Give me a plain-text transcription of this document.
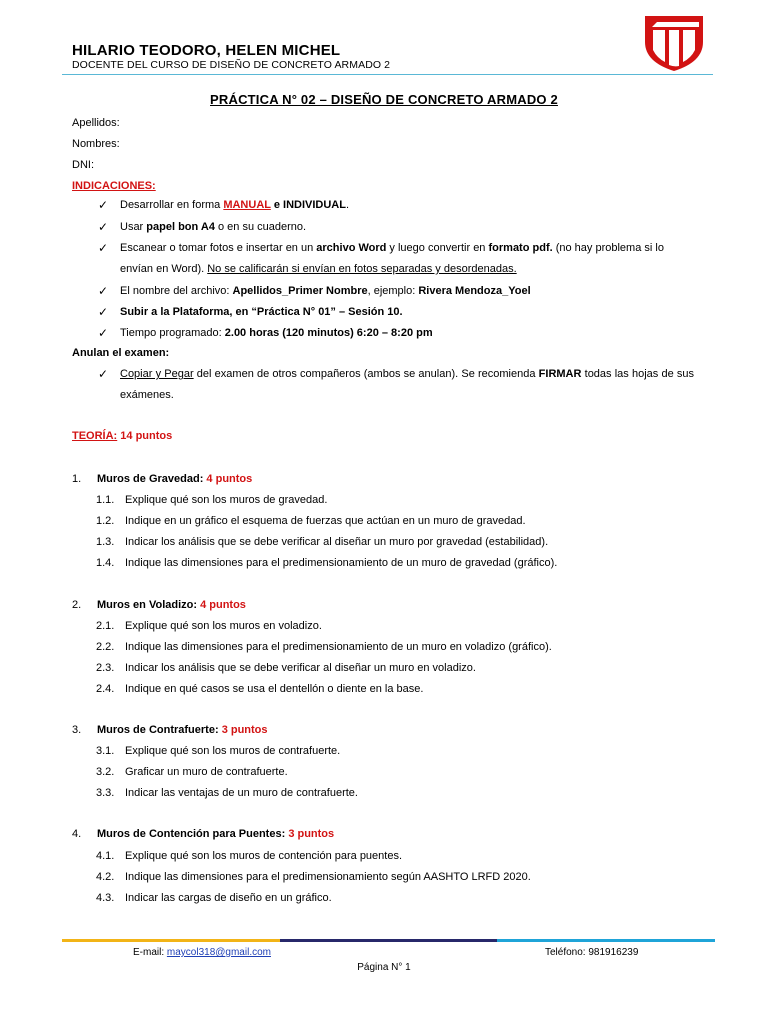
HILARIO TEODORO, HELEN MICHEL
DOCENTE DEL CURSO DE DISEÑO DE CONCRETO ARMADO 2
PRÁCTICA N° 02 – DISEÑO DE CONCRETO ARMADO 2
Apellidos:
Nombres:
DNI:
INDICACIONES:
✓	Desarrollar en forma MANUAL e INDIVIDUAL.
✓	Usar papel bon A4 o en su cuaderno.
✓	Escanear o tomar fotos e insertar en un archivo Word y luego convertir en formato pdf. (no hay problema si lo envían en Word). No se calificarán si envían en fotos separadas y desordenadas.
✓	El nombre del archivo: Apellidos_Primer Nombre, ejemplo: Rivera Mendoza_Yoel
✓	Subir a la Plataforma, en “Práctica N° 01” – Sesión 10.
✓	Tiempo programado: 2.00 horas (120 minutos) 6:20 – 8:20 pm
Anulan el examen:
✓	Copiar y Pegar del examen de otros compañeros (ambos se anulan). Se recomienda FIRMAR todas las hojas de sus exámenes.
TEORÍA: 14 puntos
1. Muros de Gravedad: 4 puntos
1.1. Explique qué son los muros de gravedad.
1.2. Indique en un gráfico el esquema de fuerzas que actúan en un muro de gravedad.
1.3. Indicar los análisis que se debe verificar al diseñar un muro por gravedad (estabilidad).
1.4. Indique las dimensiones para el predimensionamiento de un muro de gravedad (gráfico).
2. Muros en Voladizo: 4 puntos
2.1. Explique qué son los muros en voladizo.
2.2. Indique las dimensiones para el predimensionamiento de un muro en voladizo (gráfico).
2.3. Indicar los análisis que se debe verificar al diseñar un muro en voladizo.
2.4. Indique en qué casos se usa el dentellón o diente en la base.
3. Muros de Contrafuerte: 3 puntos
3.1. Explique qué son los muros de contrafuerte.
3.2. Graficar un muro de contrafuerte.
3.3. Indicar las ventajas de un muro de contrafuerte.
4. Muros de Contención para Puentes: 3 puntos
4.1. Explique qué son los muros de contención para puentes.
4.2. Indique las dimensiones para el predimensionamiento según AASHTO LRFD 2020.
4.3. Indicar las cargas de diseño en un gráfico.
E-mail: maycol318@gmail.com	Teléfono: 981916239
Página N° 1
